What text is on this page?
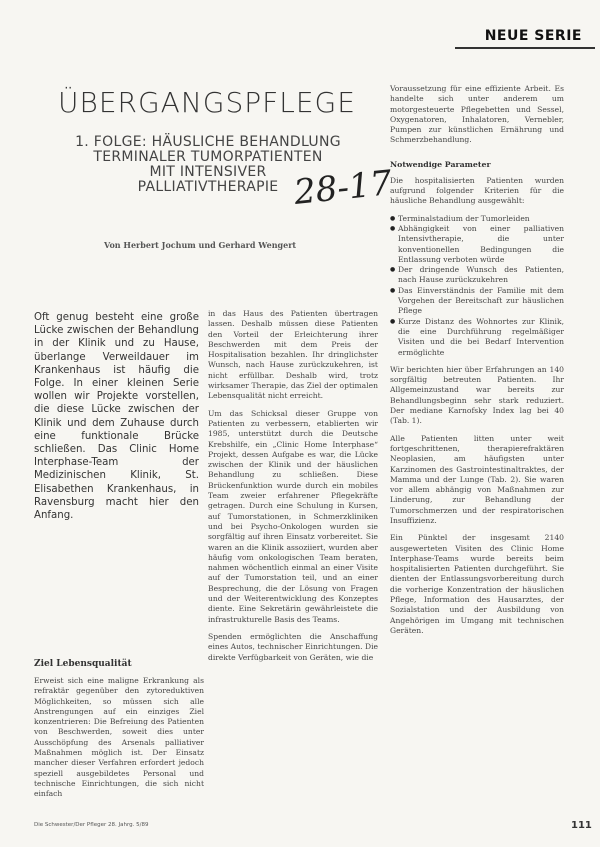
NEUE SERIE
ÜBERGANGSPFLEGE
1. FOLGE: HÄUSLICHE BEHANDLUNG
TERMINALER TUMORPATIENTEN
MIT INTENSIVER
PALLIATIVTHERAPIE 28-17
Von Herbert Jochum und Gerhard Wengert
Oft genug besteht eine große Lücke zwischen der Behandlung in der Klinik und zu Hause, überlange Verweildauer im Krankenhaus ist häufig die Folge. In einer kleinen Serie wollen wir Projekte vorstellen, die diese Lücke zwischen der Klinik und dem Zuhause durch eine funktionale Brücke schließen. Das Clinic Home Interphase-Team der Medizinischen Klinik, St. Elisabethen Krankenhaus, in Ravensburg macht hier den Anfang.
Ziel Lebensqualität

Erweist sich eine maligne Erkrankung als refraktär gegenüber den zytoreduktiven Möglichkeiten, so müssen sich alle Anstrengungen auf ein einziges Ziel konzentrieren: Die Befreiung des Patienten von Beschwerden, soweit dies unter Ausschöpfung des Arsenals palliativer Maßnahmen möglich ist. Der Einsatz mancher dieser Verfahren erfordert jedoch speziell ausgebildetes Personal und technische Einrichtungen, die sich nicht einfach

in das Haus des Patienten übertragen lassen. Deshalb müssen diese Patienten den Vorteil der Erleichterung ihrer Beschwerden mit dem Preis der Hospitalisation bezahlen. Ihr dringlichster Wunsch, nach Hause zurückzukehren, ist nicht erfüllbar. Deshalb wird, trotz wirksamer Therapie, das Ziel der optimalen Lebensqualität nicht erreicht.

Um das Schicksal dieser Gruppe von Patienten zu verbessern, etablierten wir 1985, unterstützt durch die Deutsche Krebshilfe, ein „Clinic Home Interphase“ Projekt, dessen Aufgabe es war, die Lücke zwischen der Klinik und der häuslichen Behandlung zu schließen. Diese Brückenfunktion wurde durch ein mobiles Team zweier erfahrener Pflegekräfte getragen. Durch eine Schulung in Kursen, auf Tumorstationen, in Schmerzkliniken und bei Psycho-Onkologen wurden sie sorgfältig auf ihren Einsatz vorbereitet. Sie waren an die Klinik assoziiert, wurden aber häufig vom onkologischen Team beraten, nahmen wöchentlich einmal an einer Visite auf der Tumorstation teil, und an einer Besprechung, die der Lösung von Fragen und der Weiterentwicklung des Konzeptes diente. Eine Sekretärin gewährleistete die infrastrukturelle Basis des Teams.

Spenden ermöglichten die Anschaffung eines Autos, technischer Einrichtungen. Die direkte Verfügbarkeit von Geräten, wie die

Voraussetzung für eine effiziente Arbeit. Es handelte sich unter anderem um motorgesteuerte Pflegebetten und Sessel, Oxygenatoren, Inhalatoren, Vernebler, Pumpen zur künstlichen Ernährung und Schmerzbehandlung.

Notwendige Parameter

Die hospitalisierten Patienten wurden aufgrund folgender Kriterien für die häusliche Behandlung ausgewählt:

● Terminalstadium der Tumorleiden
● Abhängigkeit von einer palliativen Intensivtherapie, die unter konventionellen Bedingungen die Entlassung verboten würde
● Der dringende Wunsch des Patienten, nach Hause zurückzukehren
● Das Einverständnis der Familie mit dem Vorgehen der Bereitschaft zur häuslichen Pflege
● Kurze Distanz des Wohnortes zur Klinik, die eine Durchführung regelmäßiger Visiten und die bei Bedarf Intervention ermöglichte

Wir berichten hier über Erfahrungen an 140 sorgfältig betreuten Patienten. Ihr Allgemeinzustand war bereits zur Behandlungsbeginn sehr stark reduziert. Der mediane Karnofsky Index lag bei 40 (Tab. 1).

Alle Patienten litten unter weit fortgeschrittenen, therapierefraktären Neoplasien, am häufigsten unter Karzinomen des Gastrointestinaltraktes, der Mamma und der Lunge (Tab. 2). Sie waren vor allem abhängig von Maßnahmen zur Linderung, zur Behandlung der Tumorschmerzen und der respiratorischen Insuffizienz.

Ein Pünktel der insgesamt 2140 ausgewerteten Visiten des Clinic Home Interphase-Teams wurde bereits beim hospitalisierten Patienten durchgeführt. Sie dienten der Entlassungsvorbereitung durch die vorherige Konzentration der häuslichen Pflege, Information des Hausarztes, der Sozialstation und der Ausbildung von Angehörigen im Umgang mit technischen Geräten.

Die Schwester/Der Pfleger 28. Jahrg. 5/89	111
